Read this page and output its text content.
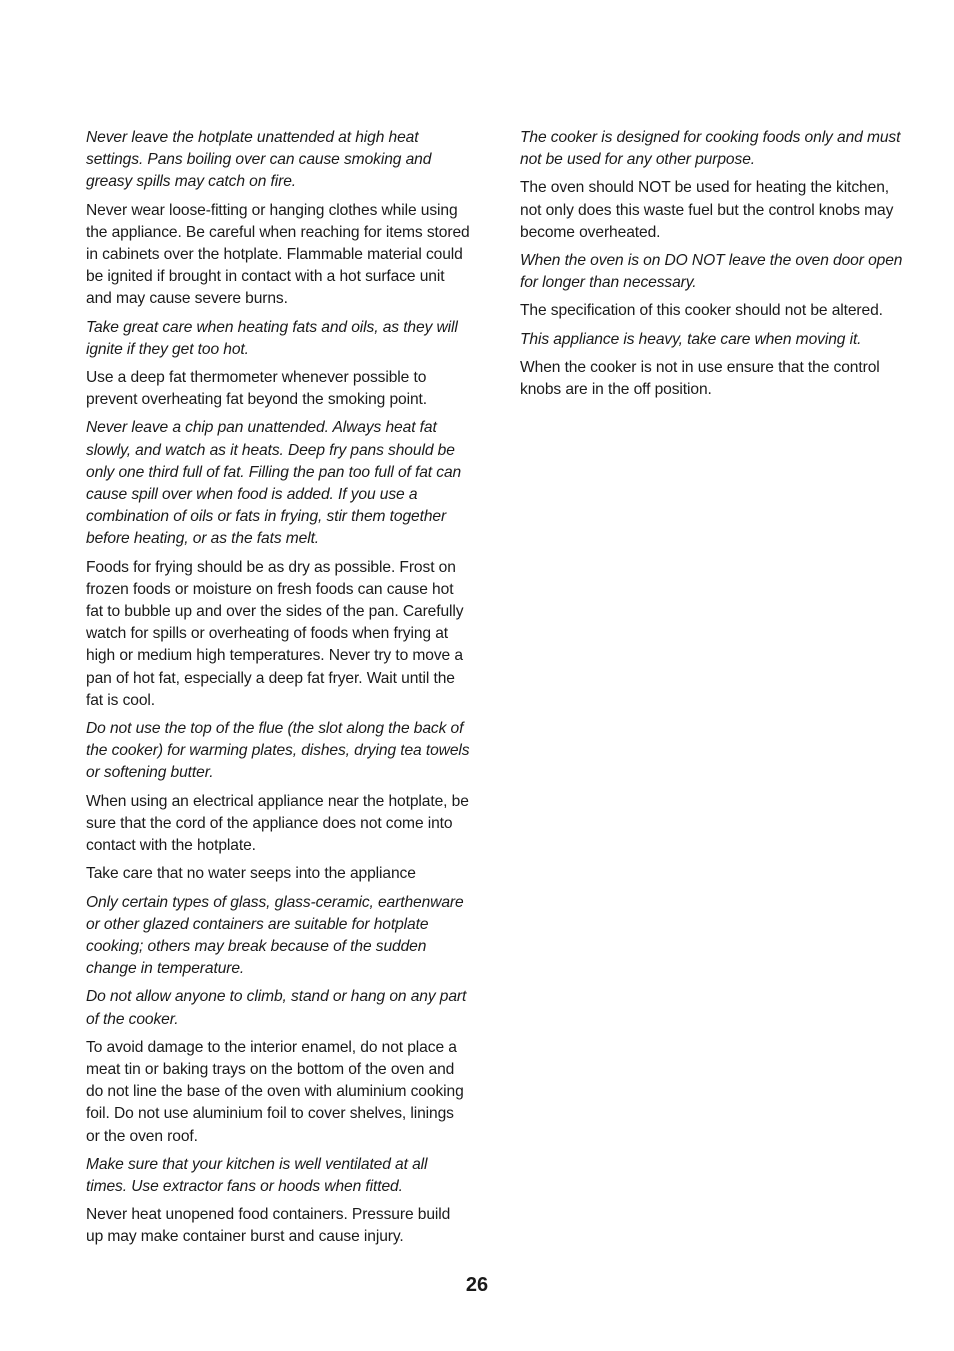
Never leave the hotplate unattended at high heat settings. Pans boiling over can cause smoking and greasy spills may catch on fire.

Never wear loose-fitting or hanging clothes while using the appliance. Be careful when reaching for items stored in cabinets over the hotplate. Flammable material could be ignited if brought in contact with a hot surface unit and may cause severe burns.

Take great care when heating fats and oils, as they will ignite if they get too hot.

Use a deep fat thermometer whenever possible to prevent overheating fat beyond the smoking point.

Never leave a chip pan unattended. Always heat fat slowly, and watch as it heats. Deep fry pans should be only one third full of fat. Filling the pan too full of fat can cause spill over when food is added. If you use a combination of oils or fats in frying, stir them together before heating, or as the fats melt.

Foods for frying should be as dry as possible. Frost on frozen foods or moisture on fresh foods can cause hot fat to bubble up and over the sides of the pan. Carefully watch for spills or overheating of foods when frying at high or medium high temperatures. Never try to move a pan of hot fat, especially a deep fat fryer. Wait until the fat is cool.

Do not use the top of the flue (the slot along the back of the cooker) for warming plates, dishes, drying tea towels or softening butter.

When using an electrical appliance near the hotplate, be sure that the cord of the appliance does not come into contact with the hotplate.

Take care that no water seeps into the appliance

Only certain types of glass, glass-ceramic, earthenware or other glazed containers are suitable for hotplate cooking; others may break because of the sudden change in temperature.

Do not allow anyone to climb, stand or hang on any part of the cooker.

To avoid damage to the interior enamel, do not place a meat tin or baking trays on the bottom of the oven and do not line the base of the oven with aluminium cooking foil. Do not use aluminium foil to cover shelves, linings or the oven roof.

Make sure that your kitchen is well ventilated at all times. Use extractor fans or hoods when fitted.

Never heat unopened food containers. Pressure build up may make container burst and cause injury.

The cooker is designed for cooking foods only and must not be used for any other purpose.

The oven should NOT be used for heating the kitchen, not only does this waste fuel but the control knobs may become overheated.

When the oven is on DO NOT leave the oven door open for longer than necessary.

The specification of this cooker should not be altered.

This appliance is heavy, take care when moving it.

When the cooker is not in use ensure that the control knobs are in the off position.

26
